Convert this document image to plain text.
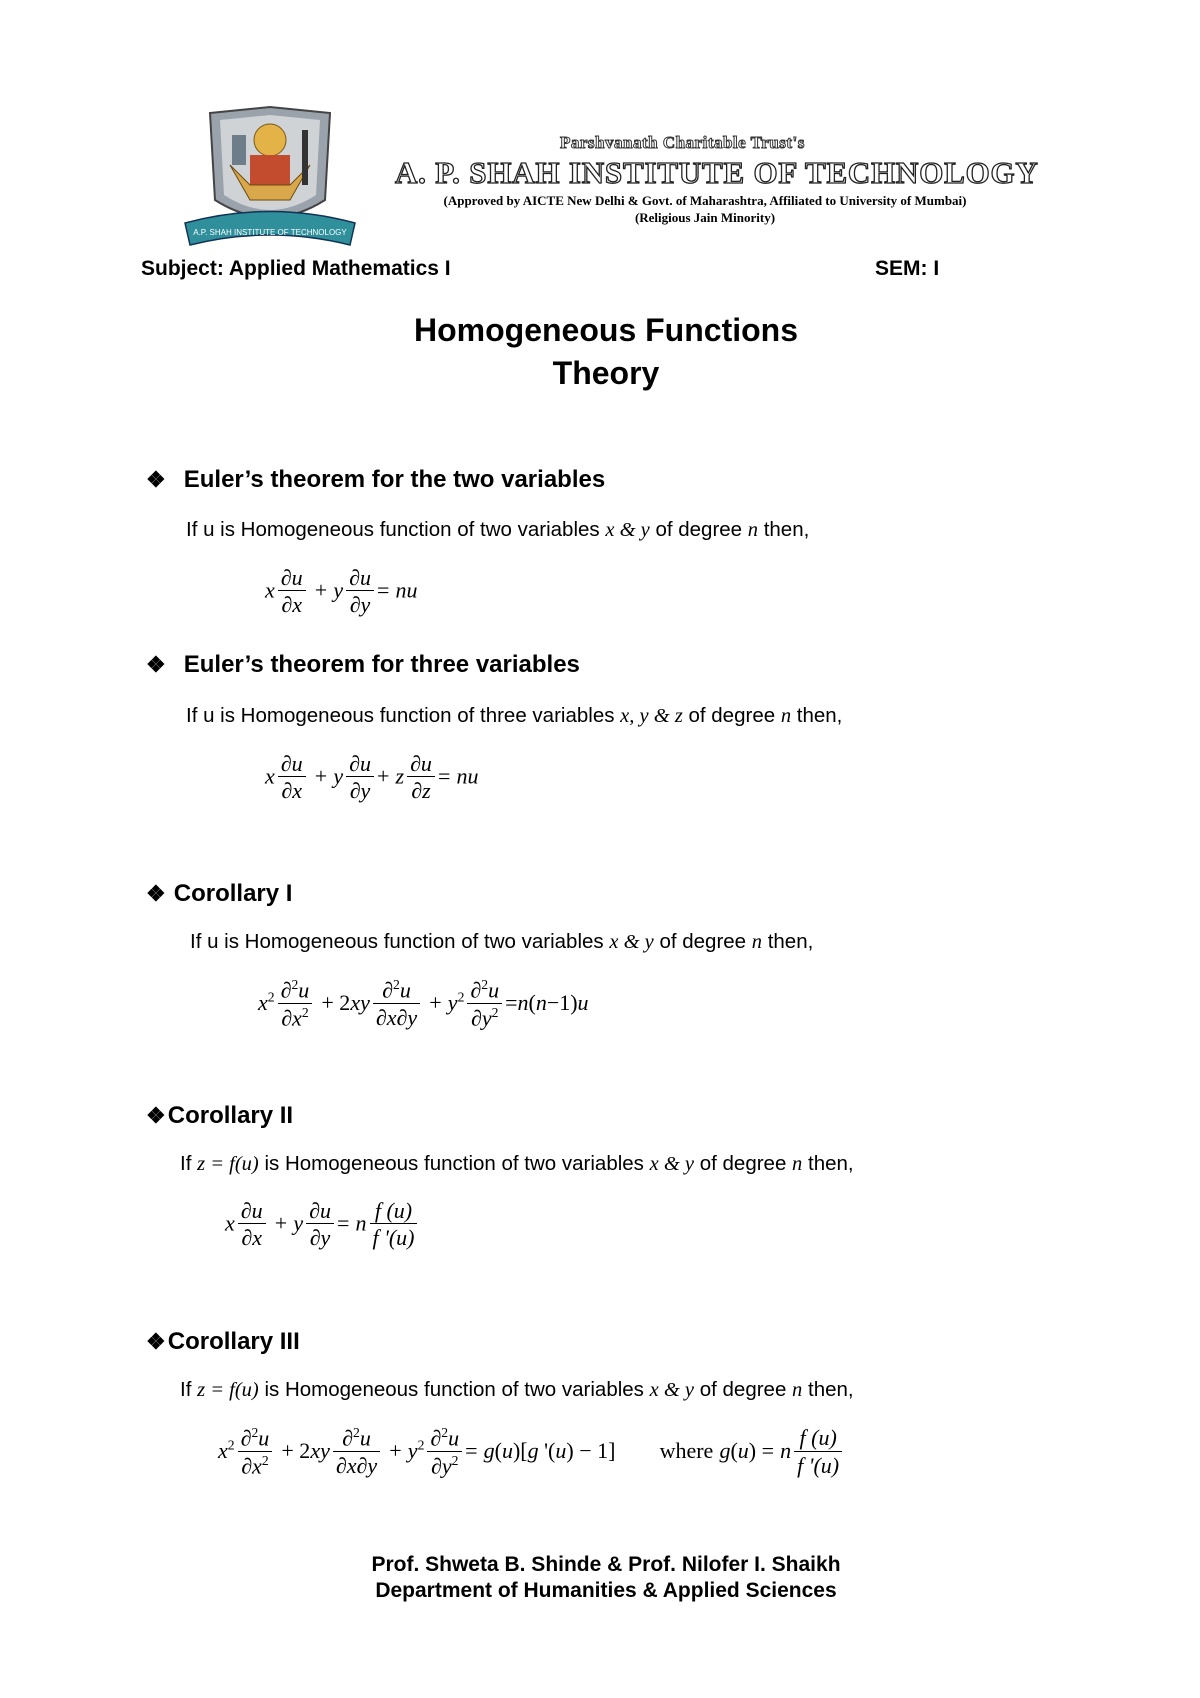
A.P. SHAH INSTITUTE OF TECHNOLOGY
Parshvanath Charitable Trust's
A. P. SHAH INSTITUTE OF TECHNOLOGY
(Approved by AICTE New Delhi & Govt. of Maharashtra, Affiliated to University of Mumbai)
(Religious Jain Minority)
Subject: Applied Mathematics I	SEM: I
Homogeneous Functions
Theory
❖ Euler’s theorem for the two variables
If u is Homogeneous function of two variables x & y of degree n then,
x $\frac{\partial u}{\partial x} + y \frac{\partial u}{\partial y}$ = nu
❖ Euler’s theorem for three variables
If u is Homogeneous function of three variables x, y & z of degree n then,
x $\frac{\partial u}{\partial x} + y \frac{\partial u}{\partial y} + z \frac{\partial u}{\partial z}$ = nu
❖ Corollary I
If u is Homogeneous function of two variables x & y of degree n then,
$x^2 \frac{\partial^2u}{\partial x^2} + 2xy \frac{\partial^2u}{\partial x\partial y} + y^2 \frac{\partial^2u}{\partial y^2} =n(n-1)u$
❖Corollary II
If z = f(u) is Homogeneous function of two variables x & y of degree n then,
x $\frac{\partial u}{\partial x} + y \frac{\partial u}{\partial y} = n \frac{f (u)}{f '(u)}$
❖Corollary III
If z = f(u) is Homogeneous function of two variables x & y of degree n then,
$x^2 \frac{\partial^2u}{\partial x^2} + 2xy \frac{\partial^2u}{\partial x\partial y} + y^2 \frac{\partial^2u}{\partial y^2} = g(u)[g$ '(u) − 1] where g(u) = n $\frac{f (u)}{f '(u)}$
Prof. Shweta B. Shinde & Prof. Nilofer I. Shaikh
Department of Humanities & Applied Sciences
